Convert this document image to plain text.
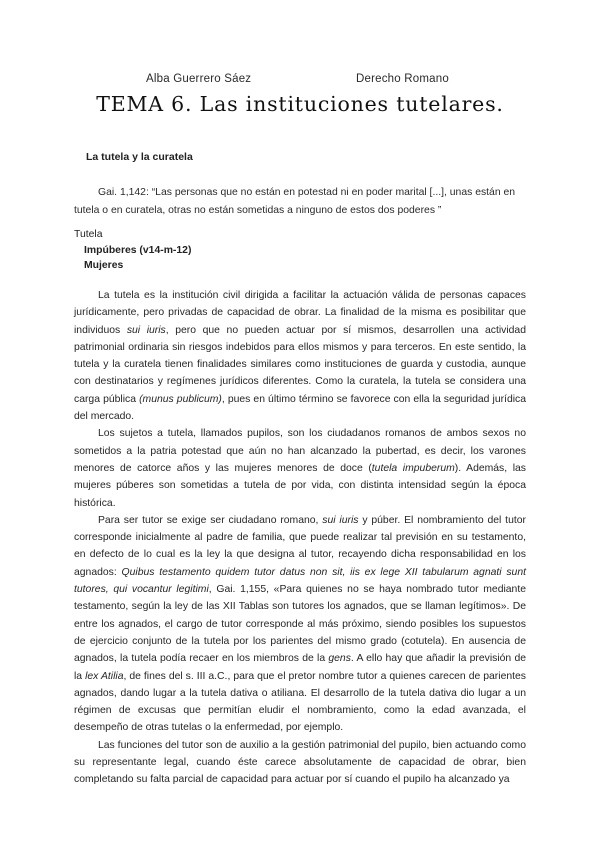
Alba Guerrero Sáez	Derecho Romano
TEMA 6. Las instituciones tutelares.
La tutela y la curatela

Gai. 1,142: “Las personas que no están en potestad ni en poder marital [...], unas están en tutela o en curatela, otras no están sometidas a ninguno de estos dos poderes ”

Tutela
Impúberes (v14-m-12)
Mujeres

La tutela es la institución civil dirigida a facilitar la actuación válida de personas capaces jurídicamente, pero privadas de capacidad de obrar. La finalidad de la misma es posibilitar que individuos sui iuris, pero que no pueden actuar por sí mismos, desarrollen una actividad patrimonial ordinaria sin riesgos indebidos para ellos mismos y para terceros. En este sentido, la tutela y la curatela tienen finalidades similares como instituciones de guarda y custodia, aunque con destinatarios y regímenes jurídicos diferentes. Como la curatela, la tutela se considera una carga pública (munus publicum), pues en último término se favorece con ella la seguridad jurídica del mercado.

Los sujetos a tutela, llamados pupilos, son los ciudadanos romanos de ambos sexos no sometidos a la patria potestad que aún no han alcanzado la pubertad, es decir, los varones menores de catorce años y las mujeres menores de doce (tutela impuberum). Además, las mujeres púberes son sometidas a tutela de por vida, con distinta intensidad según la época histórica.

Para ser tutor se exige ser ciudadano romano, sui iuris y púber. El nombramiento del tutor corresponde inicialmente al padre de familia, que puede realizar tal previsión en su testamento, en defecto de lo cual es la ley la que designa al tutor, recayendo dicha responsabilidad en los agnados: Quibus testamento quidem tutor datus non sit, iis ex lege XII tabularum agnati sunt tutores, qui vocantur legitimi, Gai. 1,155, «Para quienes no se haya nombrado tutor mediante testamento, según la ley de las XII Tablas son tutores los agnados, que se llaman legítimos». De entre los agnados, el cargo de tutor corresponde al más próximo, siendo posibles los supuestos de ejercicio conjunto de la tutela por los parientes del mismo grado (cotutela). En ausencia de agnados, la tutela podía recaer en los miembros de la gens. A ello hay que añadir la previsión de la lex Atilia, de fines del s. III a.C., para que el pretor nombre tutor a quienes carecen de parientes agnados, dando lugar a la tutela dativa o atiliana. El desarrollo de la tutela dativa dio lugar a un régimen de excusas que permitían eludir el nombramiento, como la edad avanzada, el desempeño de otras tutelas o la enfermedad, por ejemplo.

Las funciones del tutor son de auxilio a la gestión patrimonial del pupilo, bien actuando como su representante legal, cuando éste carece absolutamente de capacidad de obrar, bien completando su falta parcial de capacidad para actuar por sí cuando el pupilo ha alcanzado ya
